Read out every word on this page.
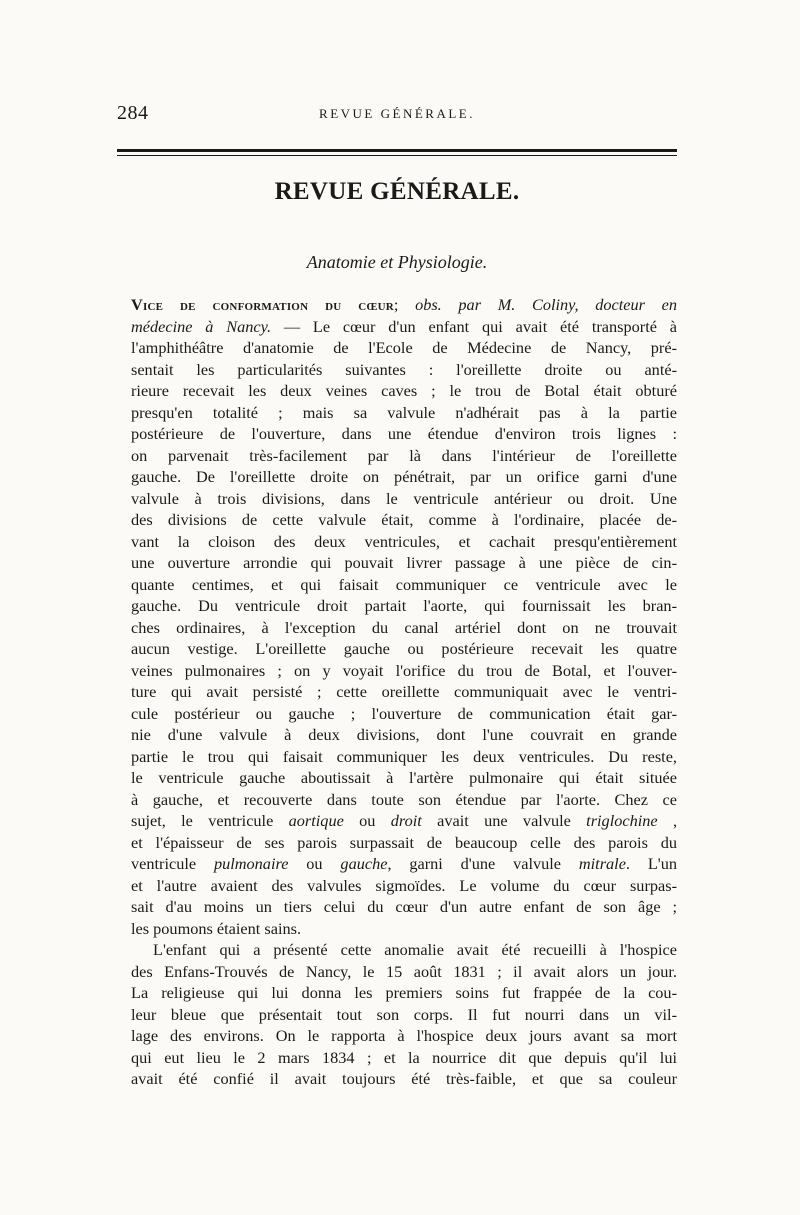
284	REVUE GÉNÉRALE.
REVUE GÉNÉRALE.
Anatomie et Physiologie.
Vice de conformation du cœur; obs. par M. Coliny, docteur en
médecine à Nancy. — Le cœur d'un enfant qui avait été transporté à
l'amphithéâtre d'anatomie de l'Ecole de Médecine de Nancy, pré-
sentait les particularités suivantes : l'oreillette droite ou anté-
rieure recevait les deux veines caves ; le trou de Botal était obturé
presqu'en totalité ; mais sa valvule n'adhérait pas à la partie
postérieure de l'ouverture, dans une étendue d'environ trois lignes :
on parvenait très-facilement par là dans l'intérieur de l'oreillette
gauche. De l'oreillette droite on pénétrait, par un orifice garni d'une
valvule à trois divisions, dans le ventricule antérieur ou droit. Une
des divisions de cette valvule était, comme à l'ordinaire, placée de-
vant la cloison des deux ventricules, et cachait presqu'entièrement
une ouverture arrondie qui pouvait livrer passage à une pièce de cin-
quante centimes, et qui faisait communiquer ce ventricule avec le
gauche. Du ventricule droit partait l'aorte, qui fournissait les bran-
ches ordinaires, à l'exception du canal artériel dont on ne trouvait
aucun vestige. L'oreillette gauche ou postérieure recevait les quatre
veines pulmonaires ; on y voyait l'orifice du trou de Botal, et l'ouver-
ture qui avait persisté ; cette oreillette communiquait avec le ventri-
cule postérieur ou gauche ; l'ouverture de communication était gar-
nie d'une valvule à deux divisions, dont l'une couvrait en grande
partie le trou qui faisait communiquer les deux ventricules. Du reste,
le ventricule gauche aboutissait à l'artère pulmonaire qui était située
à gauche, et recouverte dans toute son étendue par l'aorte. Chez ce
sujet, le ventricule aortique ou droit avait une valvule triglochine ,
et l'épaisseur de ses parois surpassait de beaucoup celle des parois du
ventricule pulmonaire ou gauche, garni d'une valvule mitrale. L'un
et l'autre avaient des valvules sigmoïdes. Le volume du cœur surpas-
sait d'au moins un tiers celui du cœur d'un autre enfant de son âge ;
les poumons étaient sains.
L'enfant qui a présenté cette anomalie avait été recueilli à l'hospice
des Enfans-Trouvés de Nancy, le 15 août 1831 ; il avait alors un jour.
La religieuse qui lui donna les premiers soins fut frappée de la cou-
leur bleue que présentait tout son corps. Il fut nourri dans un vil-
lage des environs. On le rapporta à l'hospice deux jours avant sa mort
qui eut lieu le 2 mars 1834 ; et la nourrice dit que depuis qu'il lui
avait été confié il avait toujours été très-faible, et que sa couleur
